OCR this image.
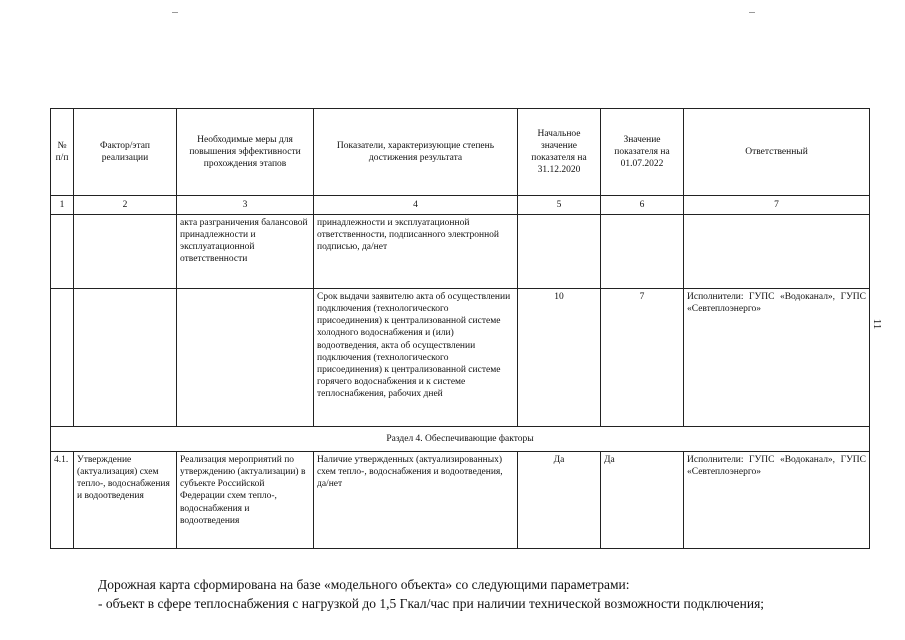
№ п/п	Фактор/этап реализации	Необходимые меры для повышения эффективности прохождения этапов	Показатели, характеризующие степень достижения результата	Начальное значение показателя на 31.12.2020	Значение показателя на 01.07.2022	Ответственный
1	2	3	4	5	6	7
		акта разграничения балансовой принадлежности и эксплуатационной ответственности	принадлежности и эксплуатационной ответственности, подписанного электронной подписью, да/нет			
			Срок выдачи заявителю акта об осуществлении подключения (технологического присоединения) к централизованной системе холодного водоснабжения и (или) водоотведения, акта об осуществлении подключения (технологического присоединения) к централизованной системе горячего водоснабжения и к системе теплоснабжения, рабочих дней	10	7	Исполнители: ГУПС «Водоканал», ГУПС «Севтеплоэнерго»
Раздел 4. Обеспечивающие факторы						
4.1.	Утверждение (актуализация) схем тепло-, водоснабжения и водоотведения	Реализация мероприятий по утверждению (актуализации) в субъекте Российской Федерации схем тепло-, водоснабжения и водоотведения	Наличие утвержденных (актуализированных) схем тепло-, водоснабжения и водоотведения, да/нет	Да	Да	Исполнители: ГУПС «Водоканал», ГУПС «Севтеплоэнерго»
11
Дорожная карта сформирована на базе «модельного объекта» со следующими параметрами:
- объект в сфере теплоснабжения с нагрузкой до 1,5 Гкал/час при наличии технической возможности подключения;
